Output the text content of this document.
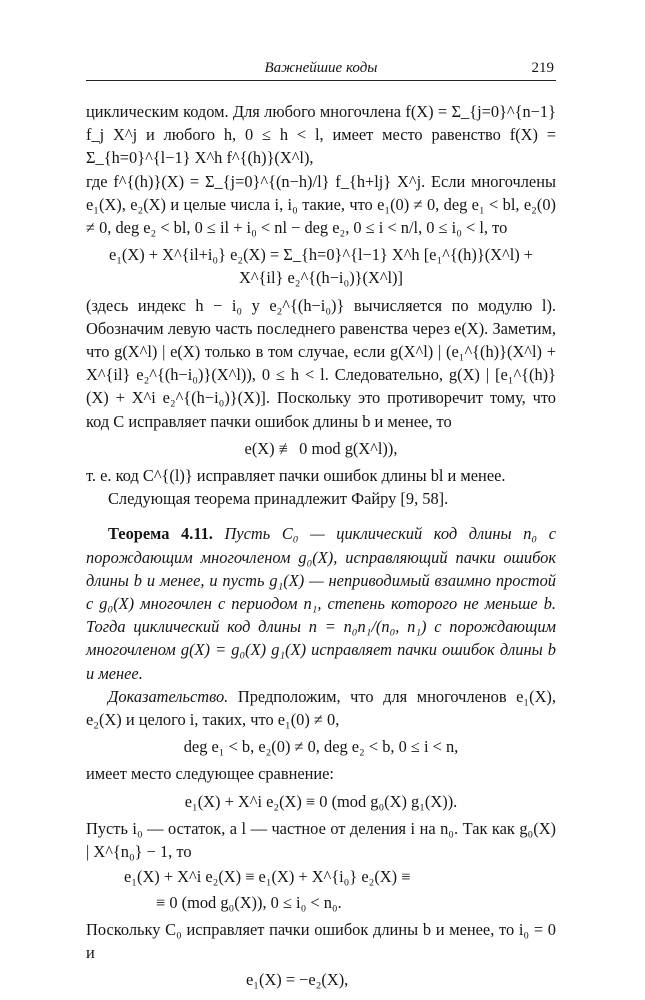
Важнейшие коды	219

циклическим кодом. Для любого многочлена f(X) = Σ_{j=0}^{n−1} f_j X^j и любого h, 0 ≤ h < l, имеет место равенство f(X) = Σ_{h=0}^{l−1} X^h f^{(h)}(X^l),

где f^{(h)}(X) = Σ_{j=0}^{(n−h)/l} f_{h+lj} X^j. Если многочлены e₁(X), e₂(X) и целые числа i, i₀ такие, что e₁(0) ≠ 0, deg e₁ < bl, e₂(0) ≠ 0, deg e₂ < bl, 0 ≤ il + i₀ < nl − deg e₂, 0 ≤ i < n/l, 0 ≤ i₀ < l, то

e₁(X) + X^{il+i₀} e₂(X) = Σ_{h=0}^{l−1} X^h [e₁^{(h)}(X^l) + X^{il} e₂^{(h−i₀)}(X^l)]

(здесь индекс h − i₀ у e₂^{(h−i₀)} вычисляется по модулю l). Обозначим левую часть последнего равенства через e(X). Заметим, что g(X^l) | e(X) только в том случае, если g(X^l) | (e₁^{(h)}(X^l) + X^{il} e₂^{(h−i₀)}(X^l)), 0 ≤ h < l. Следовательно, g(X) | [e₁^{(h)}(X) + X^i e₂^{(h−i₀)}(X)]. Поскольку это противоречит тому, что код C исправляет пачки ошибок длины b и менее, то

e(X) ≢ 0 mod g(X^l)),

т. е. код C^{(l)} исправляет пачки ошибок длины bl и менее.

Следующая теорема принадлежит Файру [9, 58].

Теорема 4.11. Пусть C₀ — циклический код длины n₀ с порождающим многочленом g₀(X), исправляющий пачки ошибок длины b и менее, и пусть g₁(X) — неприводимый взаимно простой с g₀(X) многочлен с периодом n₁, степень которого не меньше b. Тогда циклический код длины n = n₀n₁/(n₀, n₁) с порождающим многочленом g(X) = g₀(X) g₁(X) исправляет пачки ошибок длины b и менее.

Доказательство. Предположим, что для многочленов e₁(X), e₂(X) и целого i, таких, что e₁(0) ≠ 0,

deg e₁ < b, e₂(0) ≠ 0, deg e₂ < b, 0 ≤ i < n,

имеет место следующее сравнение:

e₁(X) + X^i e₂(X) ≡ 0 (mod g₀(X) g₁(X)).

Пусть i₀ — остаток, а l — частное от деления i на n₀. Так как g₀(X) | X^{n₀} − 1, то

e₁(X) + X^i e₂(X) ≡ e₁(X) + X^{i₀} e₂(X) ≡

≡ 0 (mod g₀(X)), 0 ≤ i₀ < n₀.

Поскольку C₀ исправляет пачки ошибок длины b и менее, то i₀ = 0 и

e₁(X) = −e₂(X),
